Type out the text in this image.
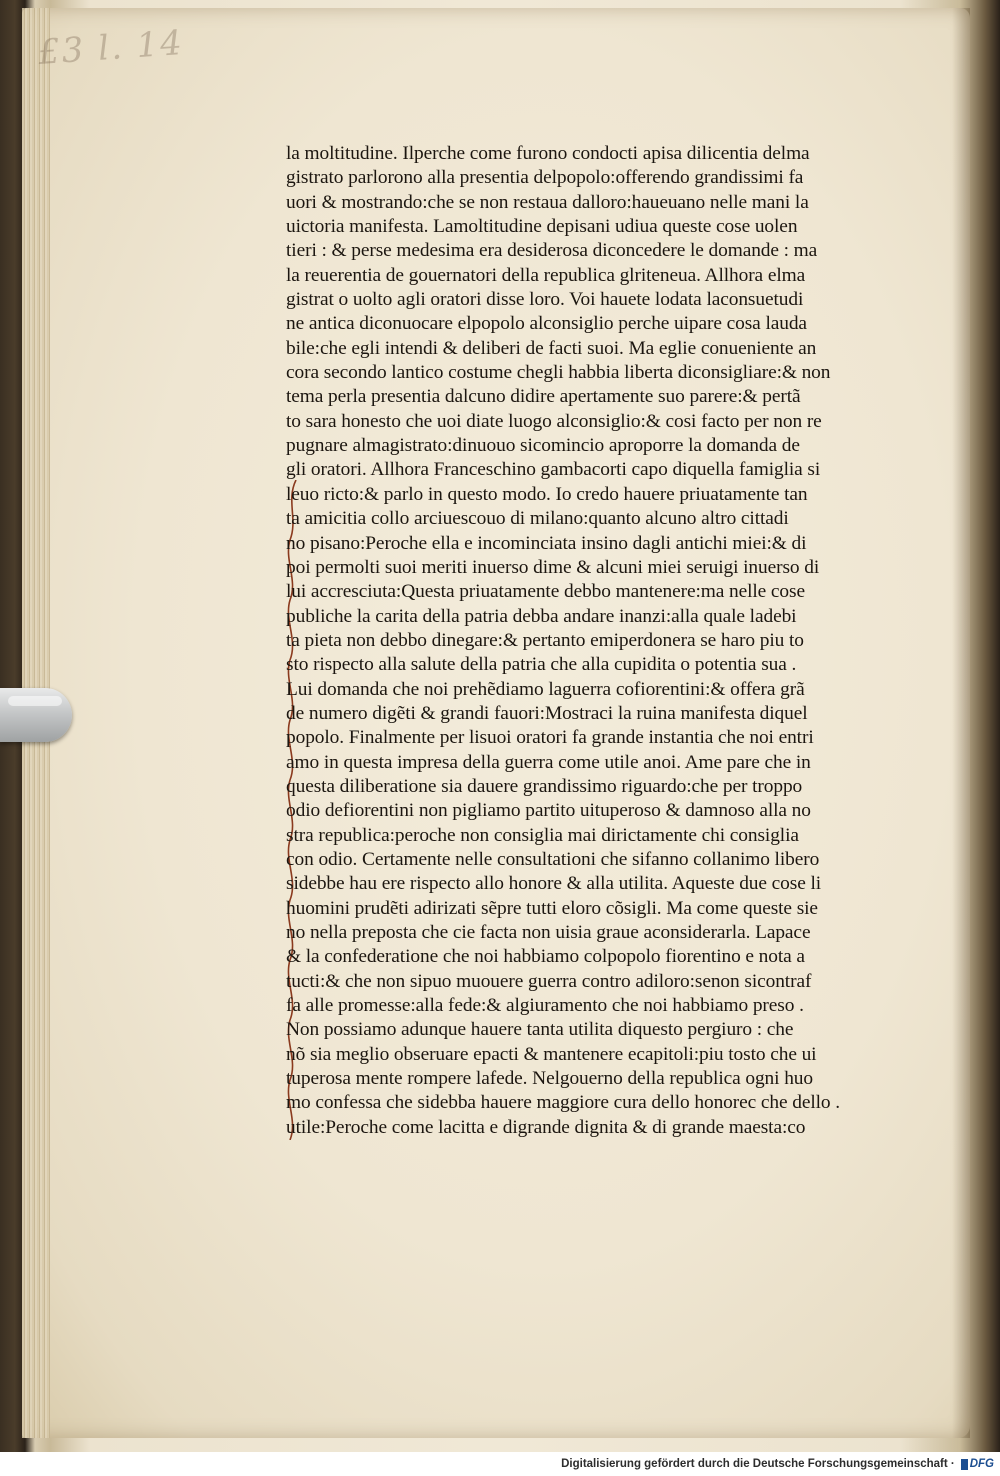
£3 l. 14
la moltitudine. Ilperche come furono condocti apisa dilicentia delma
gistrato parlorono alla presentia delpopolo:offerendo grandissimi fa
uori & mostrando:che se non restaua dalloro:haueuano nelle mani la
uictoria manifesta. Lamoltitudine depisani udiua queste cose uolen
tieri : & perse medesima era desiderosa diconcedere le domande : ma
la reuerentia de gouernatori della republica glriteneua. Allhora elma
gistrat o uolto agli oratori disse loro. Voi hauete lodata laconsuetudi
ne antica diconuocare elpopolo alconsiglio perche uipare cosa lauda
bile:che egli intendi & deliberi de facti suoi. Ma eglie conueniente an
cora secondo lantico costume chegli habbia liberta diconsigliare:& non
tema perla presentia dalcuno didire apertamente suo parere:& pertã
to sara honesto che uoi diate luogo alconsiglio:& cosi facto per non re
pugnare almagistrato:dinuouo sicomincio aproporre la domanda de
gli oratori. Allhora Franceschino gambacorti capo diquella famiglia si
leuo ricto:& parlo in questo modo. Io credo hauere priuatamente tan
ta amicitia collo arciuescouo di milano:quanto alcuno altro cittadi
no pisano:Peroche ella e incominciata insino dagli antichi miei:& di
poi permolti suoi meriti inuerso dime & alcuni miei seruigi inuerso di
lui accresciuta:Questa priuatamente debbo mantenere:ma nelle cose
publiche la carita della patria debba andare inanzi:alla quale ladebi
ta pieta non debbo dinegare:& pertanto emiperdonera se haro piu to
sto rispecto alla salute della patria che alla cupidita o potentia sua .
Lui domanda che noi prehẽdiamo laguerra cofiorentini:& offera grã
de numero digẽti & grandi fauori:Mostraci la ruina manifesta diquel
popolo. Finalmente per lisuoi oratori fa grande instantia che noi entri
amo in questa impresa della guerra come utile anoi. Ame pare che in
questa diliberatione sia dauere grandissimo riguardo:che per troppo
odio defiorentini non pigliamo partito uituperoso & damnoso alla no
stra republica:peroche non consiglia mai dirictamente chi consiglia
con odio. Certamente nelle consultationi che sifanno collanimo libero
sidebbe hau ere rispecto allo honore & alla utilita. Aqueste due cose li
huomini prudẽti adirizati sẽpre tutti eloro cõsigli. Ma come queste sie
no nella preposta che cie facta non uisia graue aconsiderarla. Lapace
& la confederatione che noi habbiamo colpopolo fiorentino e nota a
tucti:& che non sipuo muouere guerra contro adiloro:senon sicontraf
fa alle promesse:alla fede:& algiuramento che noi habbiamo preso .
Non possiamo adunque hauere tanta utilita diquesto pergiuro : che
nõ sia meglio obseruare epacti & mantenere ecapitoli:piu tosto che ui
tuperosa mente rompere lafede. Nelgouerno della republica ogni huo
mo confessa che sidebba hauere maggiore cura dello honorec che dello .
utile:Peroche come lacitta e digrande dignita & di grande maesta:co
Digitalisierung gefördert durch die Deutsche Forschungsgemeinschaft · DFG
